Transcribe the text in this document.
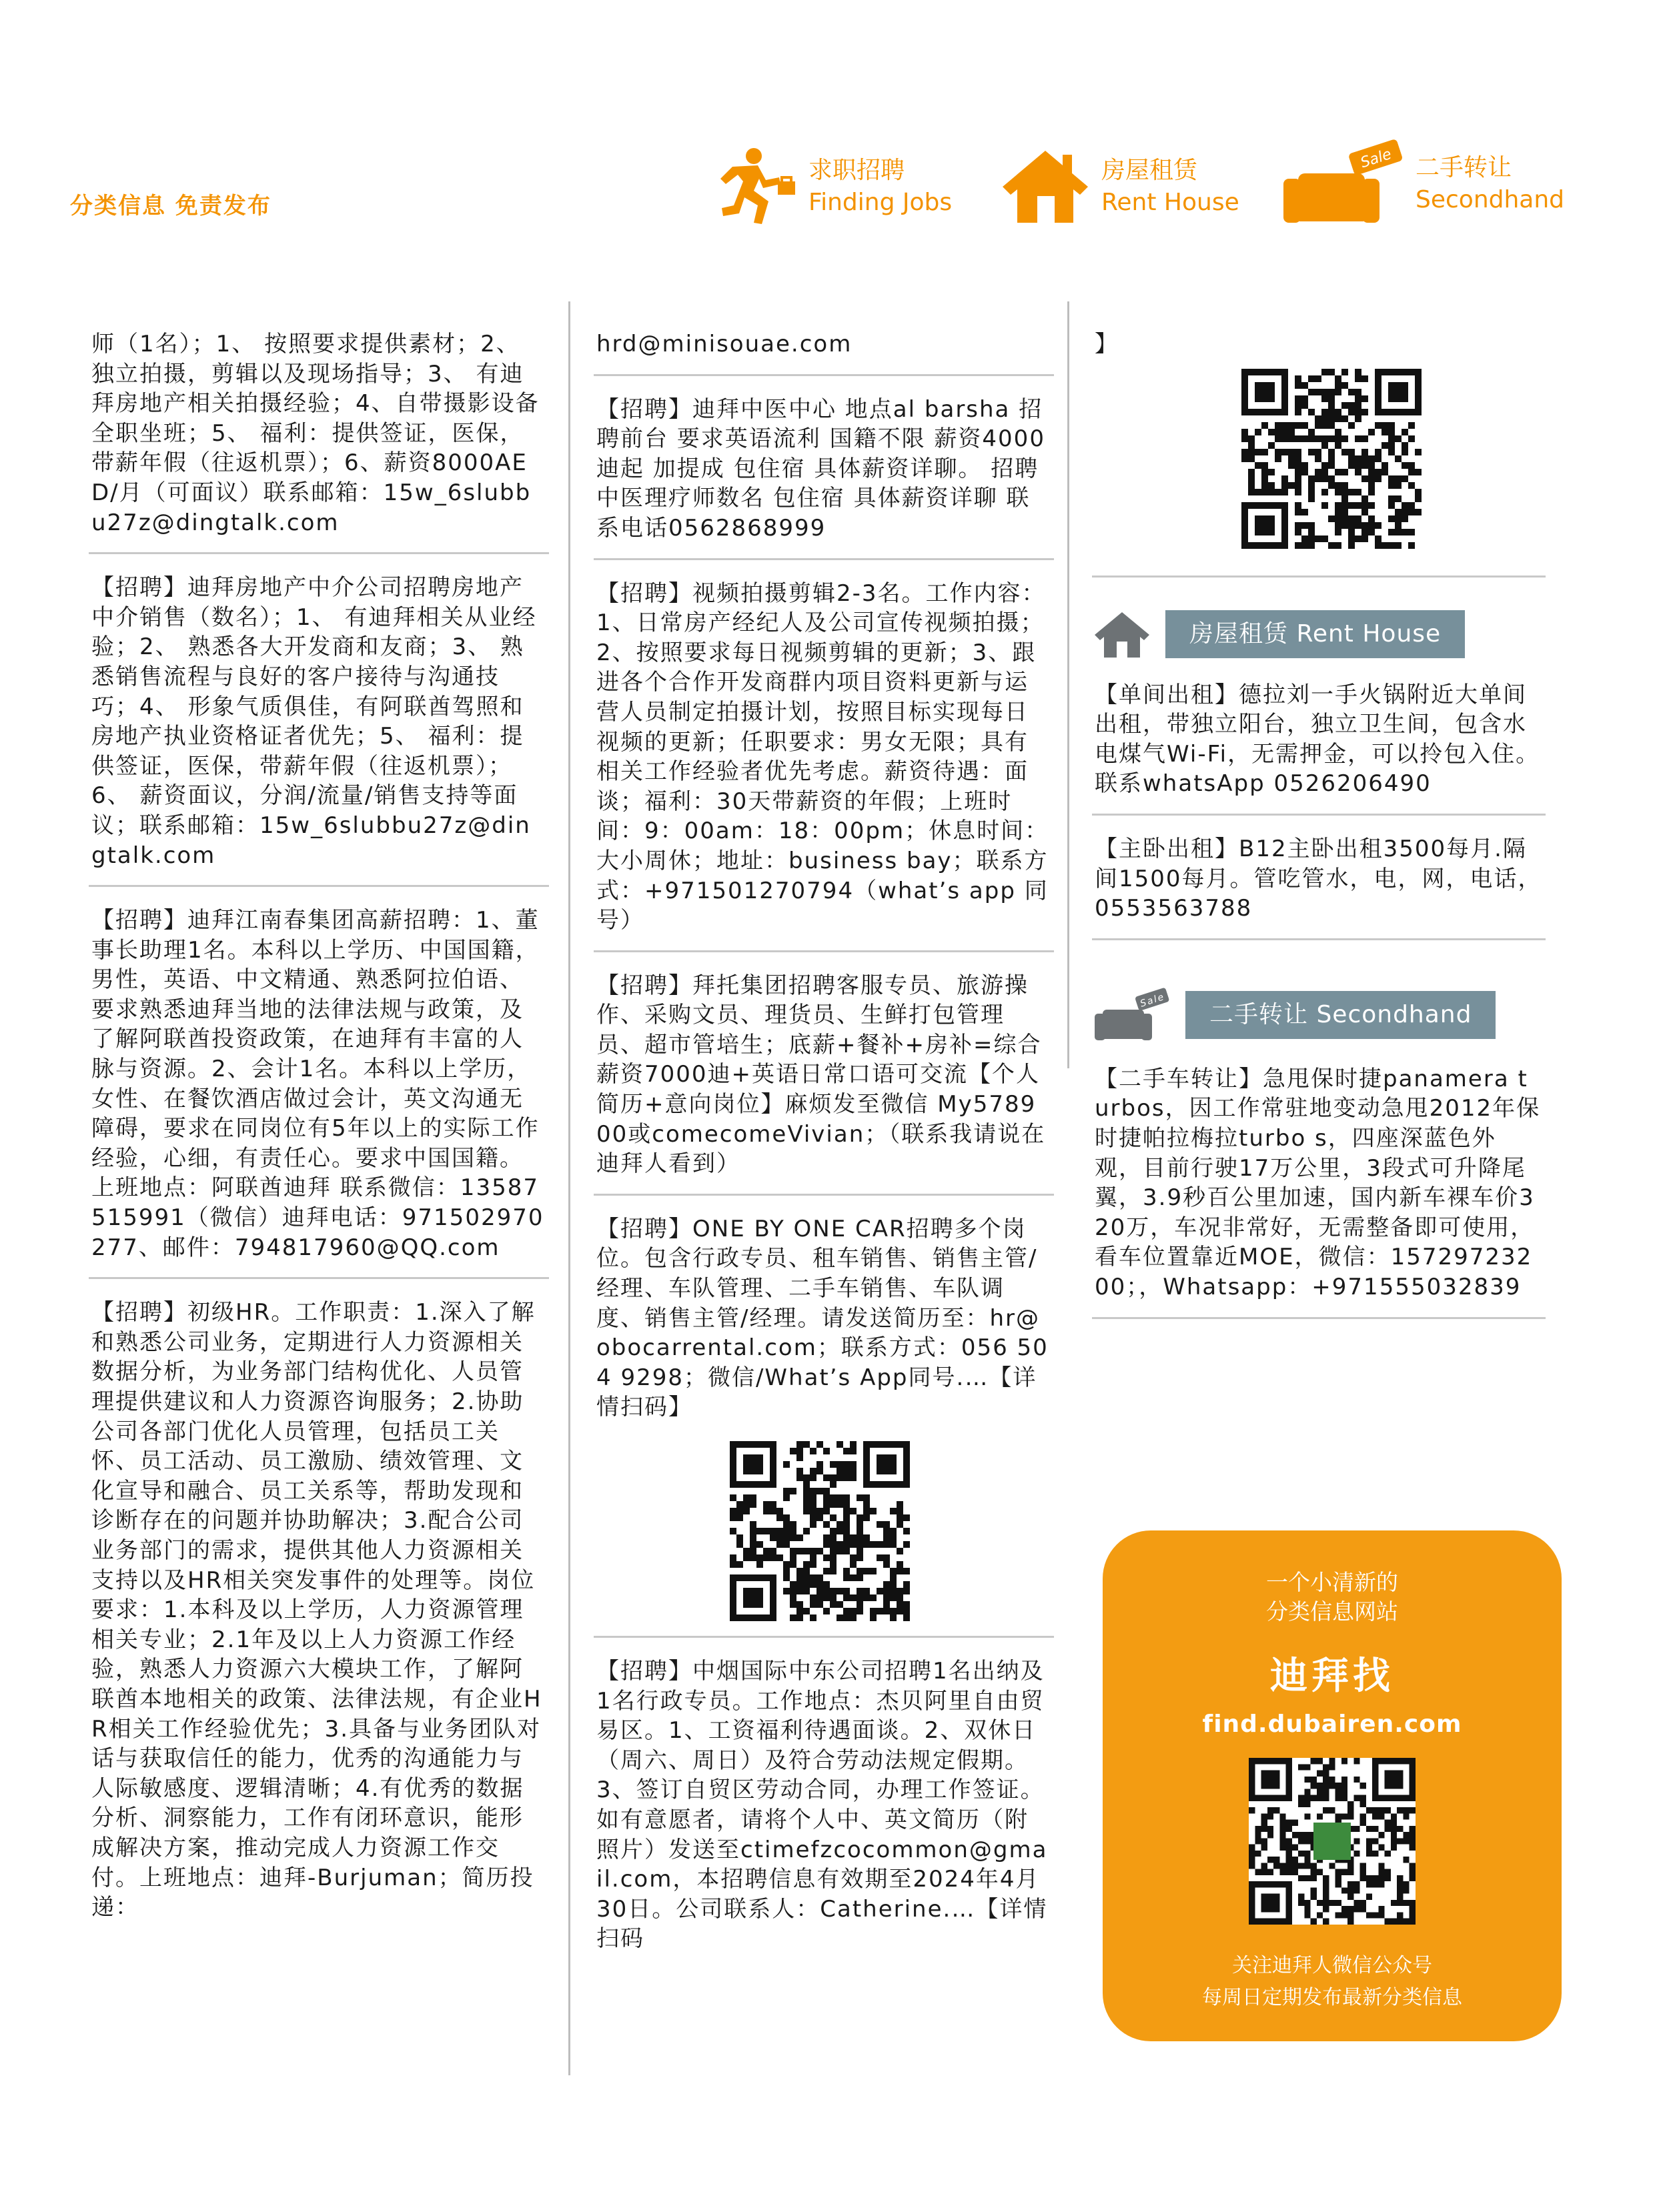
分类信息 免责发布
求职招聘
Finding Jobs
房屋租赁
Rent House
Sale 二手转让
Secondhand

师（1名）；1、 按照要求提供素材；2、 独立拍摄，剪辑以及现场指导；3、 有迪拜房地产相关拍摄经验；4、自带摄影设备全职坐班；5、 福利：提供签证，医保，带薪年假（往返机票）；6、薪资8000AED/月（可面议）联系邮箱：15w_6slubbu27z@dingtalk.com

【招聘】迪拜房地产中介公司招聘房地产中介销售（数名）；1、 有迪拜相关从业经验；2、 熟悉各大开发商和友商；3、 熟悉销售流程与良好的客户接待与沟通技巧；4、 形象气质俱佳，有阿联酋驾照和房地产执业资格证者优先；5、 福利：提供签证，医保，带薪年假（往返机票）；6、 薪资面议，分润/流量/销售支持等面议；联系邮箱：15w_6slubbu27z@dingtalk.com

【招聘】迪拜江南春集团高薪招聘：1、董事长助理1名。本科以上学历、中国国籍，男性，英语、中文精通、熟悉阿拉伯语、要求熟悉迪拜当地的法律法规与政策，及了解阿联酋投资政策，在迪拜有丰富的人脉与资源。2、会计1名。本科以上学历，女性、在餐饮酒店做过会计，英文沟通无障碍，要求在同岗位有5年以上的实际工作经验，心细，有责任心。要求中国国籍。上班地点：阿联酋迪拜 联系微信：13587515991（微信）迪拜电话：971502970277、邮件：794817960@QQ.com

【招聘】初级HR。工作职责：1.深入了解和熟悉公司业务，定期进行人力资源相关数据分析，为业务部门结构优化、人员管理提供建议和人力资源咨询服务；2.协助公司各部门优化人员管理，包括员工关怀、员工活动、员工激励、绩效管理、文化宣导和融合、员工关系等，帮助发现和诊断存在的问题并协助解决；3.配合公司业务部门的需求，提供其他人力资源相关支持以及HR相关突发事件的处理等。岗位要求：1.本科及以上学历，人力资源管理相关专业；2.1年及以上人力资源工作经验，熟悉人力资源六大模块工作，了解阿联酋本地相关的政策、法律法规，有企业HR相关工作经验优先；3.具备与业务团队对话与获取信任的能力，优秀的沟通能力与人际敏感度、逻辑清晰；4.有优秀的数据分析、洞察能力，工作有闭环意识，能形成解决方案，推动完成人力资源工作交付。上班地点：迪拜-Burjuman；简历投递：

hrd@minisouae.com

【招聘】迪拜中医中心 地点al barsha 招聘前台 要求英语流利 国籍不限 薪资4000迪起 加提成 包住宿 具体薪资详聊。 招聘中医理疗师数名 包住宿 具体薪资详聊 联系电话0562868999

【招聘】视频拍摄剪辑2-3名。工作内容：1、日常房产经纪人及公司宣传视频拍摄；2、按照要求每日视频剪辑的更新；3、跟进各个合作开发商群内项目资料更新与运营人员制定拍摄计划，按照目标实现每日视频的更新；任职要求：男女无限；具有相关工作经验者优先考虑。薪资待遇：面谈；福利：30天带薪资的年假；上班时间：9：00am：18：00pm；休息时间：大小周休；地址：business bay；联系方式：+971501270794（what’s app 同号）

【招聘】拜托集团招聘客服专员、旅游操作、采购文员、理货员、生鲜打包管理员、超市管培生；底薪+餐补+房补=综合薪资7000迪+英语日常口语可交流【个人简历+意向岗位】麻烦发至微信 My578900或comecomeVivian；（联系我请说在迪拜人看到）

【招聘】ONE BY ONE CAR招聘多个岗位。包含行政专员、租车销售、销售主管/经理、车队管理、二手车销售、车队调度、销售主管/经理。请发送简历至：hr@obocarrental.com；联系方式：056 504 9298；微信/What’s App同号.…【详情扫码】

【招聘】中烟国际中东公司招聘1名出纳及1名行政专员。工作地点：杰贝阿里自由贸易区。1、工资福利待遇面谈。2、双休日（周六、周日）及符合劳动法规定假期。3、签订自贸区劳动合同，办理工作签证。如有意愿者，请将个人中、英文简历（附照片）发送至ctimefzcocommon@gmail.com，本招聘信息有效期至2024年4月30日。公司联系人：Catherine.…【详情扫码

】

房屋租赁 Rent House

【单间出租】德拉刘一手火锅附近大单间出租，带独立阳台，独立卫生间，包含水电煤气Wi-Fi，无需押金，可以拎包入住。联系whatsApp 0526206490

【主卧出租】B12主卧出租3500每月.隔间1500每月。管吃管水，电，网，电话，0553563788

Sale
二手转让 Secondhand

【二手车转让】急甩保时捷panamera turbos，因工作常驻地变动急甩2012年保时捷帕拉梅拉turbo s，四座深蓝色外观，目前行驶17万公里，3段式可升降尾翼，3.9秒百公里加速，国内新车裸车价320万，车况非常好，无需整备即可使用，看车位置靠近MOE，微信：15729723200；，Whatsapp：+971555032839

一个小清新的
分类信息网站
迪拜找
find.dubairen.com
关注迪拜人微信公众号
每周日定期发布最新分类信息
